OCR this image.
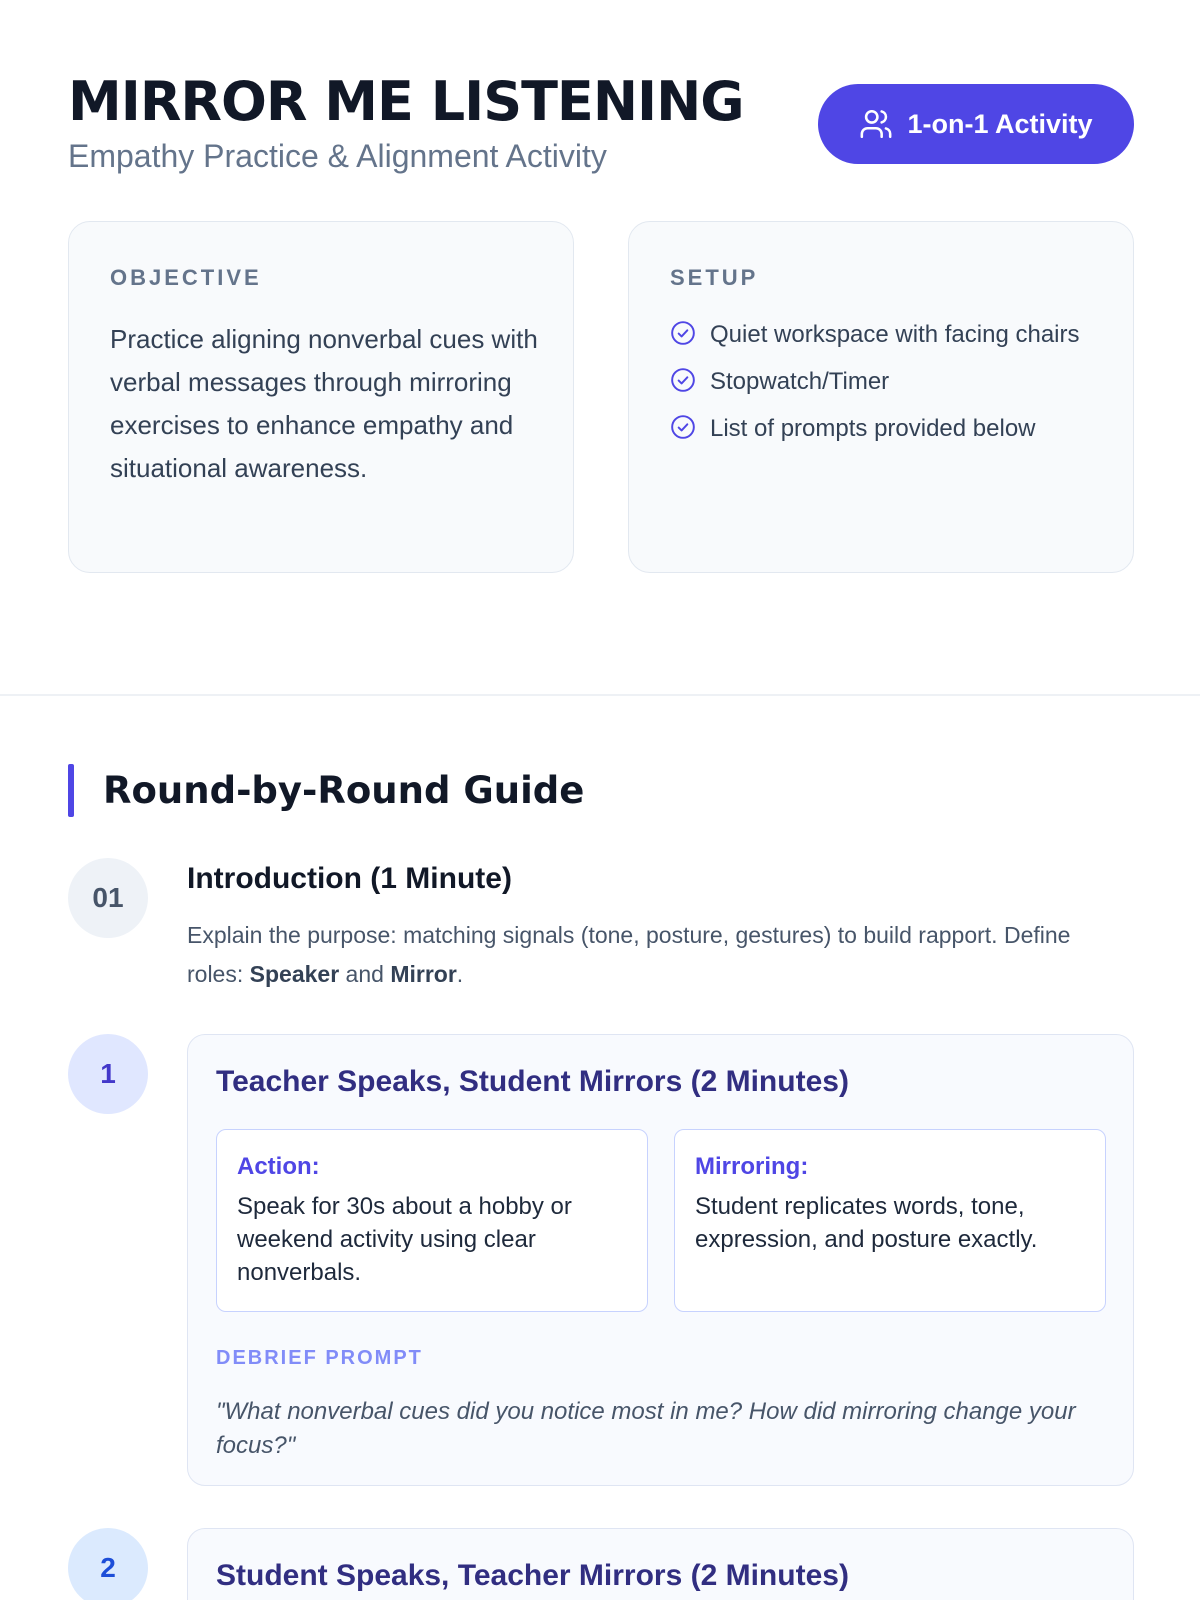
MIRROR ME LISTENING
Empathy Practice & Alignment Activity
1-on-1 Activity
OBJECTIVE

Practice aligning nonverbal cues with verbal messages through mirroring exercises to enhance empathy and situational awareness.

SETUP
Quiet workspace with facing chairs
Stopwatch/Timer
List of prompts provided below
Round-by-Round Guide
01
Introduction (1 Minute)

Explain the purpose: matching signals (tone, posture, gestures) to build rapport. Define roles: Speaker and Mirror.

1	Teacher Speaks, Student Mirrors (2 Minutes)
Action:
Speak for 30s about a hobby or weekend activity using clear nonverbals.
Mirroring:
Student replicates words, tone, expression, and posture exactly.
DEBRIEF PROMPT

"What nonverbal cues did you notice most in me? How did mirroring change your focus?"

2	Student Speaks, Teacher Mirrors (2 Minutes)
